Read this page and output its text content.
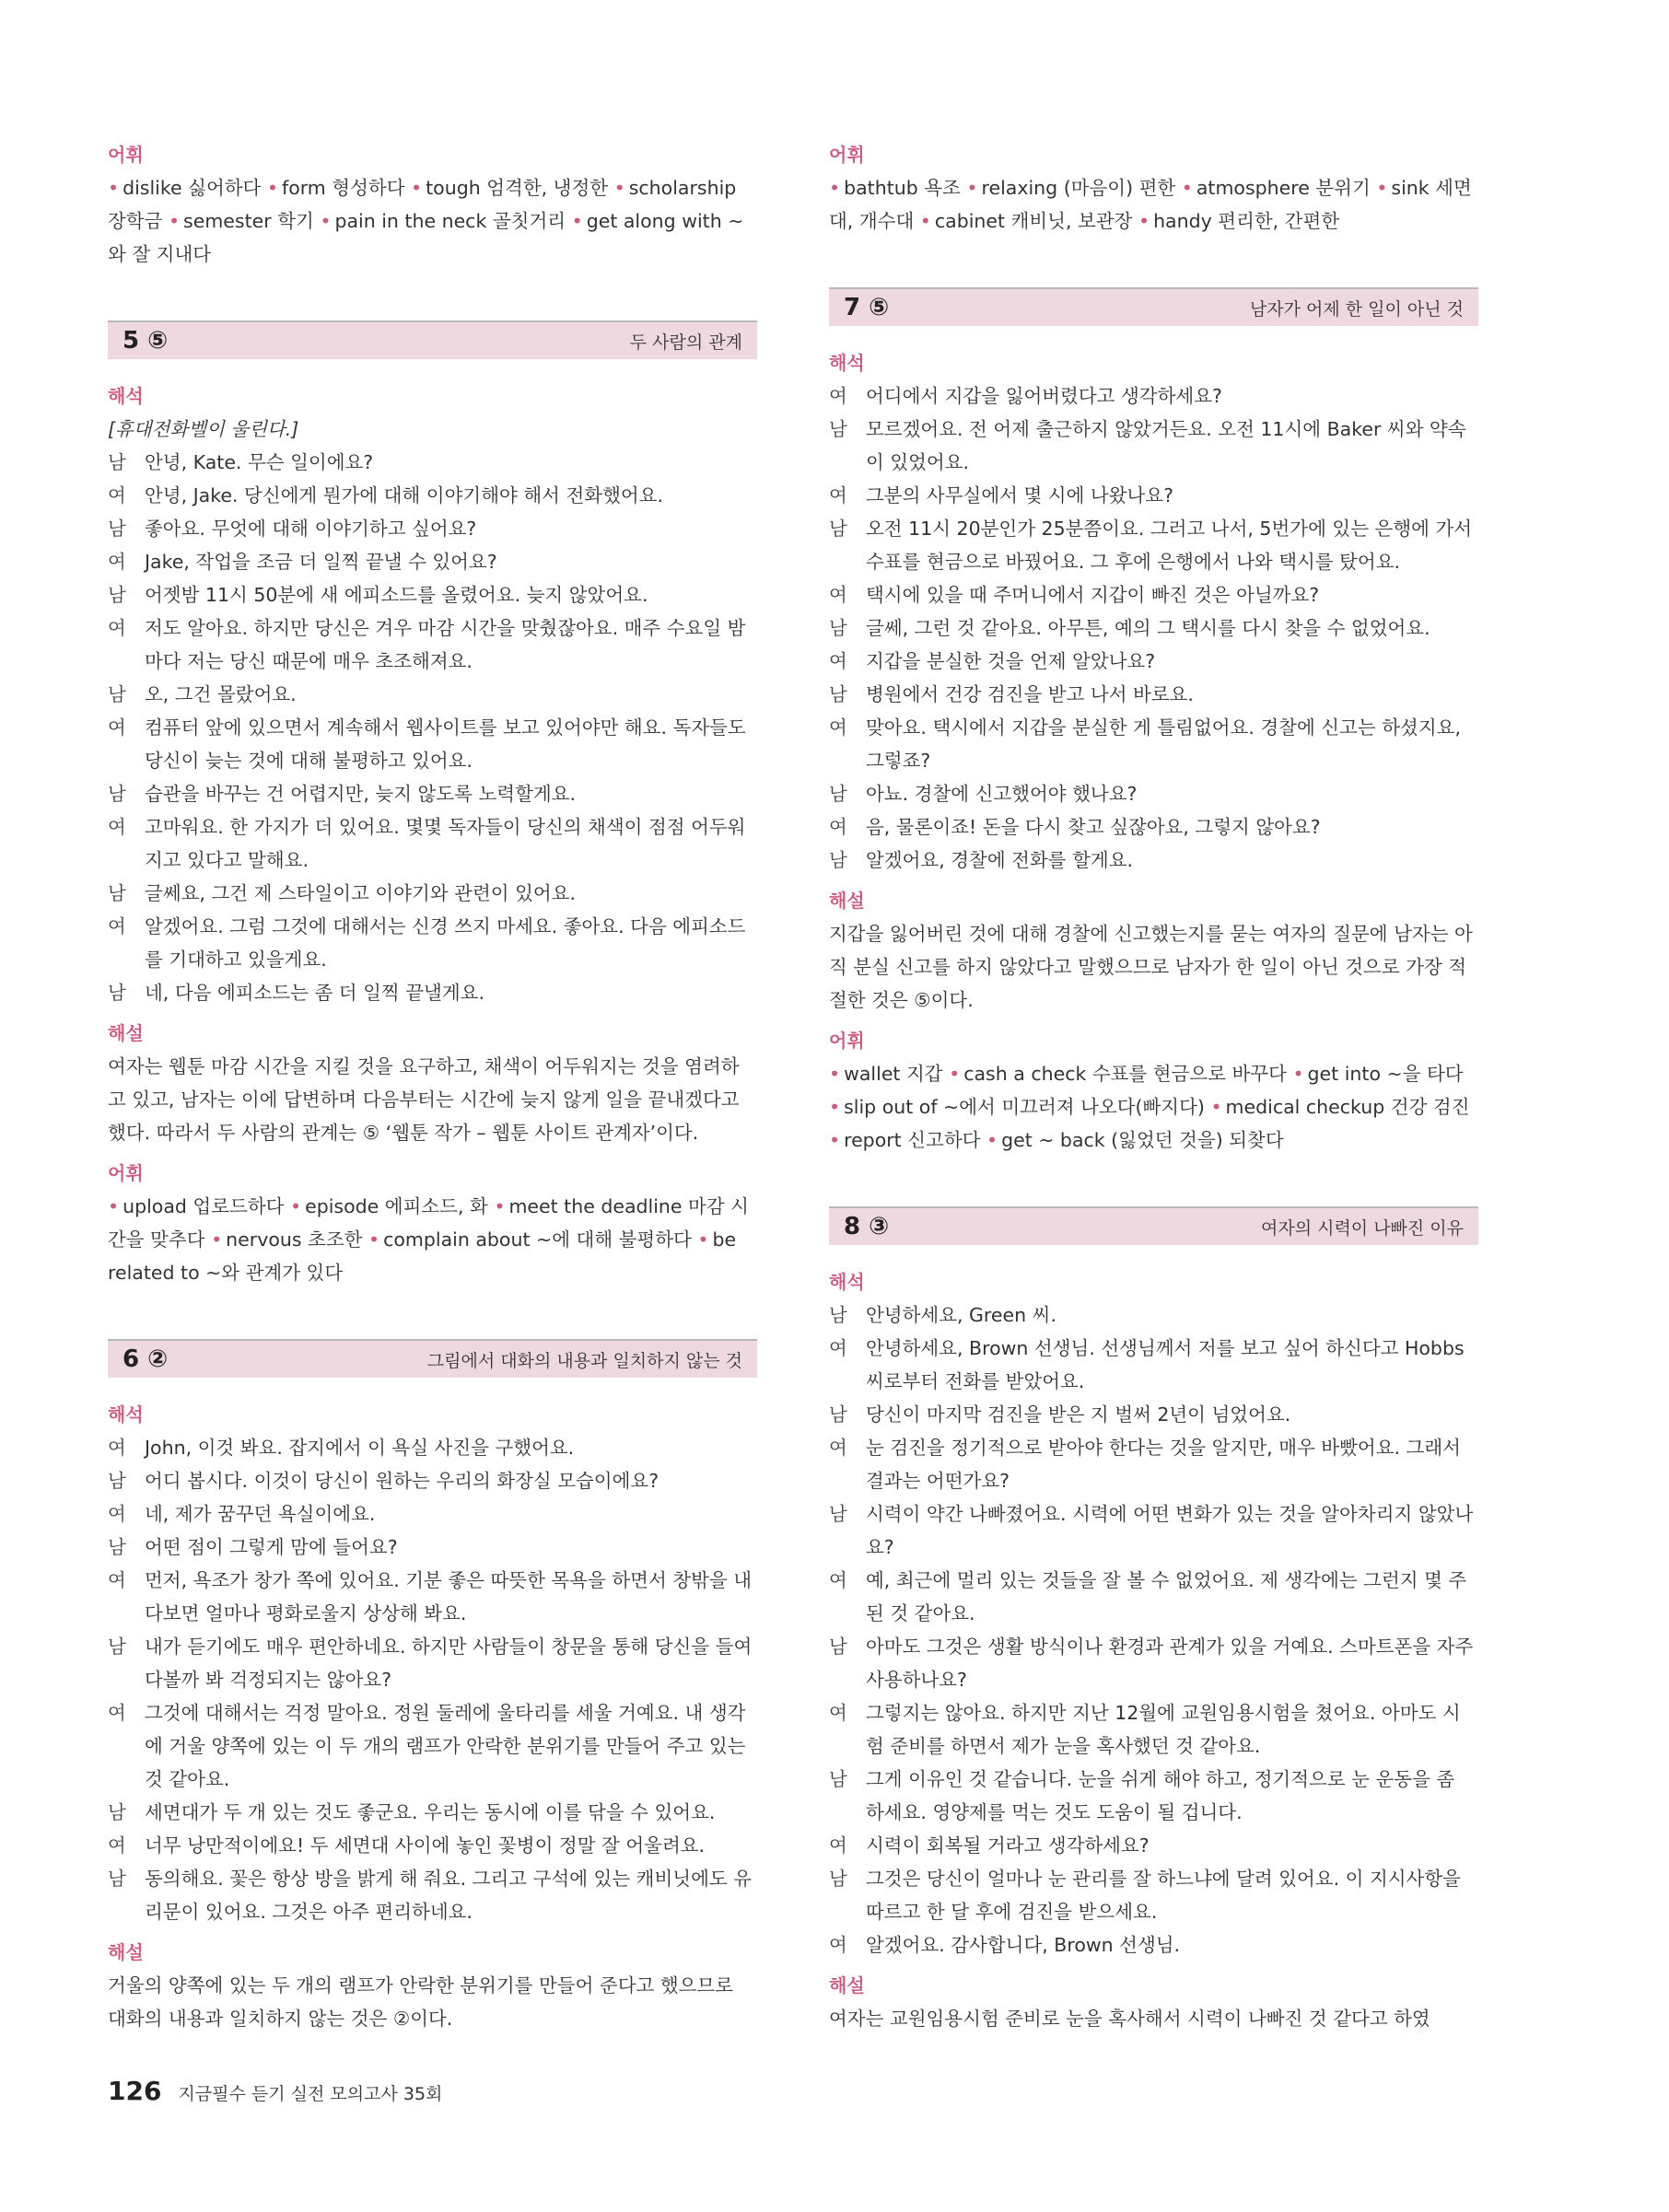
어휘

• dislike 싫어하다 • form 형성하다 • tough 엄격한, 냉정한 • scholarship 장학금 • semester 학기 • pain in the neck 골칫거리 • get along with ~와 잘 지내다

5 ⑤	두 사람의 관계

해석

[휴대전화벨이 울린다.]

남 안녕, Kate. 무슨 일이에요?
여 안녕, Jake. 당신에게 뭔가에 대해 이야기해야 해서 전화했어요.
남 좋아요. 무엇에 대해 이야기하고 싶어요?
여 Jake, 작업을 조금 더 일찍 끝낼 수 있어요?
남 어젯밤 11시 50분에 새 에피소드를 올렸어요. 늦지 않았어요.
여 저도 알아요. 하지만 당신은 겨우 마감 시간을 맞췄잖아요. 매주 수요일 밤마다 저는 당신 때문에 매우 초조해져요.
남 오, 그건 몰랐어요.
여 컴퓨터 앞에 있으면서 계속해서 웹사이트를 보고 있어야만 해요. 독자들도 당신이 늦는 것에 대해 불평하고 있어요.
남 습관을 바꾸는 건 어렵지만, 늦지 않도록 노력할게요.
여 고마워요. 한 가지가 더 있어요. 몇몇 독자들이 당신의 채색이 점점 어두워지고 있다고 말해요.
남 글쎄요, 그건 제 스타일이고 이야기와 관련이 있어요.
여 알겠어요. 그럼 그것에 대해서는 신경 쓰지 마세요. 좋아요. 다음 에피소드를 기대하고 있을게요.
남 네, 다음 에피소드는 좀 더 일찍 끝낼게요.

해설

여자는 웹툰 마감 시간을 지킬 것을 요구하고, 채색이 어두워지는 것을 염려하고 있고, 남자는 이에 답변하며 다음부터는 시간에 늦지 않게 일을 끝내겠다고 했다. 따라서 두 사람의 관계는 ⑤ ‘웹툰 작가 – 웹툰 사이트 관계자’이다.

어휘

• upload 업로드하다 • episode 에피소드, 화 • meet the deadline 마감 시간을 맞추다 • nervous 초조한 • complain about ~에 대해 불평하다 • be related to ~와 관계가 있다

6 ②	그림에서 대화의 내용과 일치하지 않는 것

해석

여 John, 이것 봐요. 잡지에서 이 욕실 사진을 구했어요.
남 어디 봅시다. 이것이 당신이 원하는 우리의 화장실 모습이에요?
여 네, 제가 꿈꾸던 욕실이에요.
남 어떤 점이 그렇게 맘에 들어요?
여 먼저, 욕조가 창가 쪽에 있어요. 기분 좋은 따뜻한 목욕을 하면서 창밖을 내다보면 얼마나 평화로울지 상상해 봐요.
남 내가 듣기에도 매우 편안하네요. 하지만 사람들이 창문을 통해 당신을 들여다볼까 봐 걱정되지는 않아요?
여 그것에 대해서는 걱정 말아요. 정원 둘레에 울타리를 세울 거예요. 내 생각에 거울 양쪽에 있는 이 두 개의 램프가 안락한 분위기를 만들어 주고 있는 것 같아요.
남 세면대가 두 개 있는 것도 좋군요. 우리는 동시에 이를 닦을 수 있어요.
여 너무 낭만적이에요! 두 세면대 사이에 놓인 꽃병이 정말 잘 어울려요.
남 동의해요. 꽃은 항상 방을 밝게 해 줘요. 그리고 구석에 있는 캐비닛에도 유리문이 있어요. 그것은 아주 편리하네요.

해설

거울의 양쪽에 있는 두 개의 램프가 안락한 분위기를 만들어 준다고 했으므로 대화의 내용과 일치하지 않는 것은 ②이다.

어휘

• bathtub 욕조 • relaxing (마음이) 편한 • atmosphere 분위기 • sink 세면대, 개수대 • cabinet 캐비닛, 보관장 • handy 편리한, 간편한

7 ⑤	남자가 어제 한 일이 아닌 것

해석

여 어디에서 지갑을 잃어버렸다고 생각하세요?
남 모르겠어요. 전 어제 출근하지 않았거든요. 오전 11시에 Baker 씨와 약속이 있었어요.
여 그분의 사무실에서 몇 시에 나왔나요?
남 오전 11시 20분인가 25분쯤이요. 그러고 나서, 5번가에 있는 은행에 가서 수표를 현금으로 바꿨어요. 그 후에 은행에서 나와 택시를 탔어요.
여 택시에 있을 때 주머니에서 지갑이 빠진 것은 아닐까요?
남 글쎄, 그런 것 같아요. 아무튼, 예의 그 택시를 다시 찾을 수 없었어요.
여 지갑을 분실한 것을 언제 알았나요?
남 병원에서 건강 검진을 받고 나서 바로요.
여 맞아요. 택시에서 지갑을 분실한 게 틀림없어요. 경찰에 신고는 하셨지요, 그렇죠?
남 아뇨. 경찰에 신고했어야 했나요?
여 음, 물론이죠! 돈을 다시 찾고 싶잖아요, 그렇지 않아요?
남 알겠어요, 경찰에 전화를 할게요.

해설

지갑을 잃어버린 것에 대해 경찰에 신고했는지를 묻는 여자의 질문에 남자는 아직 분실 신고를 하지 않았다고 말했으므로 남자가 한 일이 아닌 것으로 가장 적절한 것은 ⑤이다.

어휘

• wallet 지갑 • cash a check 수표를 현금으로 바꾸다 • get into ~을 타다 • slip out of ~에서 미끄러져 나오다(빠지다) • medical checkup 건강 검진 • report 신고하다 • get ~ back (잃었던 것을) 되찾다

8 ③	여자의 시력이 나빠진 이유

해석

남 안녕하세요, Green 씨.
여 안녕하세요, Brown 선생님. 선생님께서 저를 보고 싶어 하신다고 Hobbs 씨로부터 전화를 받았어요.
남 당신이 마지막 검진을 받은 지 벌써 2년이 넘었어요.
여 눈 검진을 정기적으로 받아야 한다는 것을 알지만, 매우 바빴어요. 그래서 결과는 어떤가요?
남 시력이 약간 나빠졌어요. 시력에 어떤 변화가 있는 것을 알아차리지 않았나요?
여 예, 최근에 멀리 있는 것들을 잘 볼 수 없었어요. 제 생각에는 그런지 몇 주 된 것 같아요.
남 아마도 그것은 생활 방식이나 환경과 관계가 있을 거예요. 스마트폰을 자주 사용하나요?
여 그렇지는 않아요. 하지만 지난 12월에 교원임용시험을 쳤어요. 아마도 시험 준비를 하면서 제가 눈을 혹사했던 것 같아요.
남 그게 이유인 것 같습니다. 눈을 쉬게 해야 하고, 정기적으로 눈 운동을 좀 하세요. 영양제를 먹는 것도 도움이 될 겁니다.
여 시력이 회복될 거라고 생각하세요?
남 그것은 당신이 얼마나 눈 관리를 잘 하느냐에 달려 있어요. 이 지시사항을 따르고 한 달 후에 검진을 받으세요.
여 알겠어요. 감사합니다, Brown 선생님.

해설

여자는 교원임용시험 준비로 눈을 혹사해서 시력이 나빠진 것 같다고 하였

126 지금필수 듣기 실전 모의고사 35회
